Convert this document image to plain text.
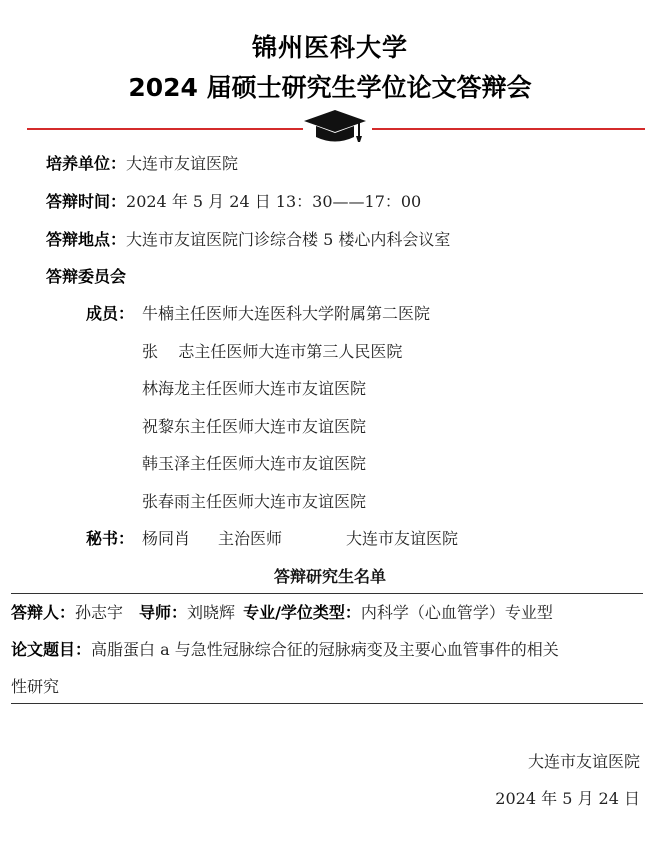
锦州医科大学
2024 届硕士研究生学位论文答辩会
培养单位：大连市友谊医院
答辩时间：2024 年 5 月 24 日 13：30——17：00
答辩地点：大连市友谊医院门诊综合楼 5 楼心内科会议室
答辩委员会
成员： 牛楠主任医师大连医科大学附属第二医院
张    志主任医师大连市第三人民医院
林海龙主任医师大连市友谊医院
祝黎东主任医师大连市友谊医院
韩玉泽主任医师大连市友谊医院
张春雨主任医师大连市友谊医院
秘书： 杨同肖 主治医师	大连市友谊医院
答辩研究生名单
答辩人：孙志宇 导师：刘晓辉 专业/学位类型：内科学（心血管学）专业型
论文题目：高脂蛋白 a 与急性冠脉综合征的冠脉病变及主要心血管事件的相关
性研究
大连市友谊医院
2024 年 5 月 24 日
